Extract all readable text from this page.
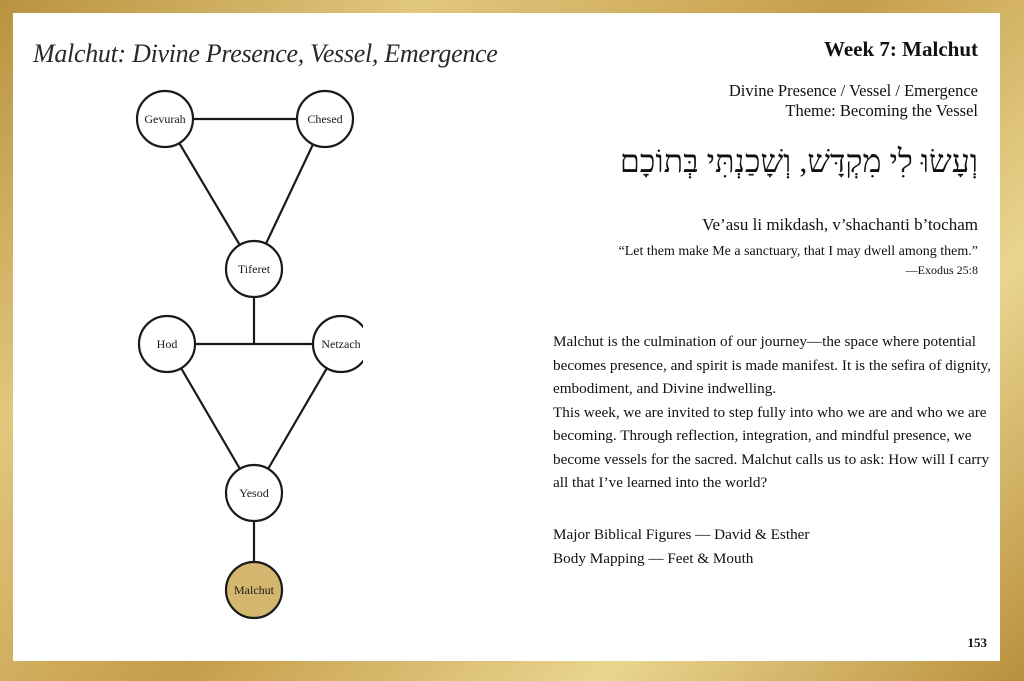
Malchut: Divine Presence, Vessel, Emergence
Gevurah	Chesed
Tiferet
Hod	Netzach
Yesod
Malchut
Week 7: Malchut
Divine Presence / Vessel / Emergence
Theme: Becoming the Vessel
וְעָשׂוּ לִי מִקְדָּשׁ, וְשָׁכַנְתִּי בְּתוֹכָם
Ve’asu li mikdash, v’shachanti b’tocham
“Let them make Me a sanctuary, that I may dwell among them.”
—Exodus 25:8

Malchut is the culmination of our journey—the space where potential becomes presence, and spirit is made manifest. It is the sefira of dignity, embodiment, and Divine indwelling.

This week, we are invited to step fully into who we are and who we are becoming. Through reflection, integration, and mindful presence, we become vessels for the sacred. Malchut calls us to ask: How will I carry all that I’ve learned into the world?

Major Biblical Figures — David & Esther
Body Mapping — Feet & Mouth
153
